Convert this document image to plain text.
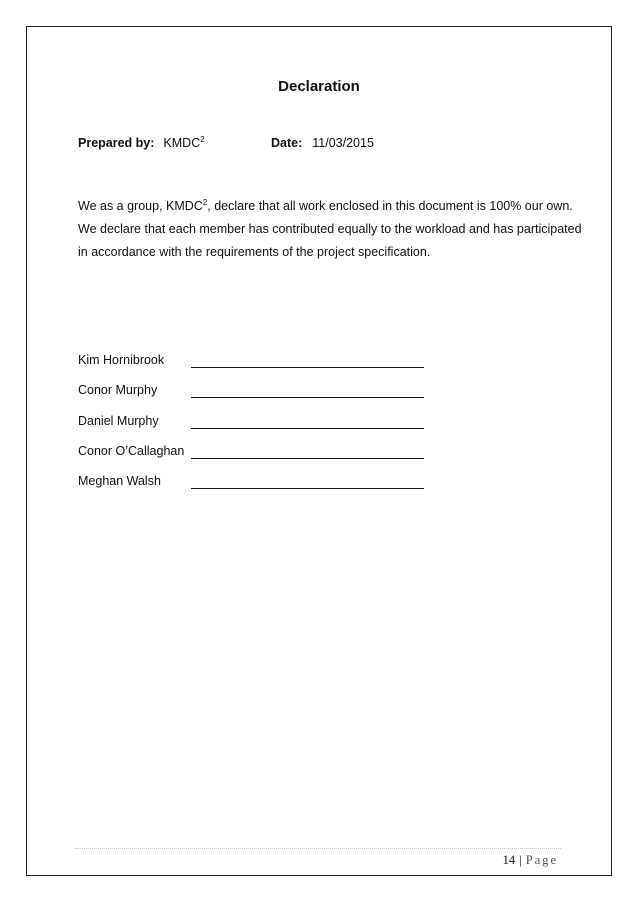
Declaration
Prepared by: KMDC$^2$	Date: 11/03/2015
We as a group, KMDC$^2$, declare that all work enclosed in this document is 100% our own.
We declare that each member has contributed equally to the workload and has participated
in accordance with the requirements of the project specification.
Kim Hornibrook
Conor Murphy
Daniel Murphy
Conor O’Callaghan
Meghan Walsh
14 | Page
